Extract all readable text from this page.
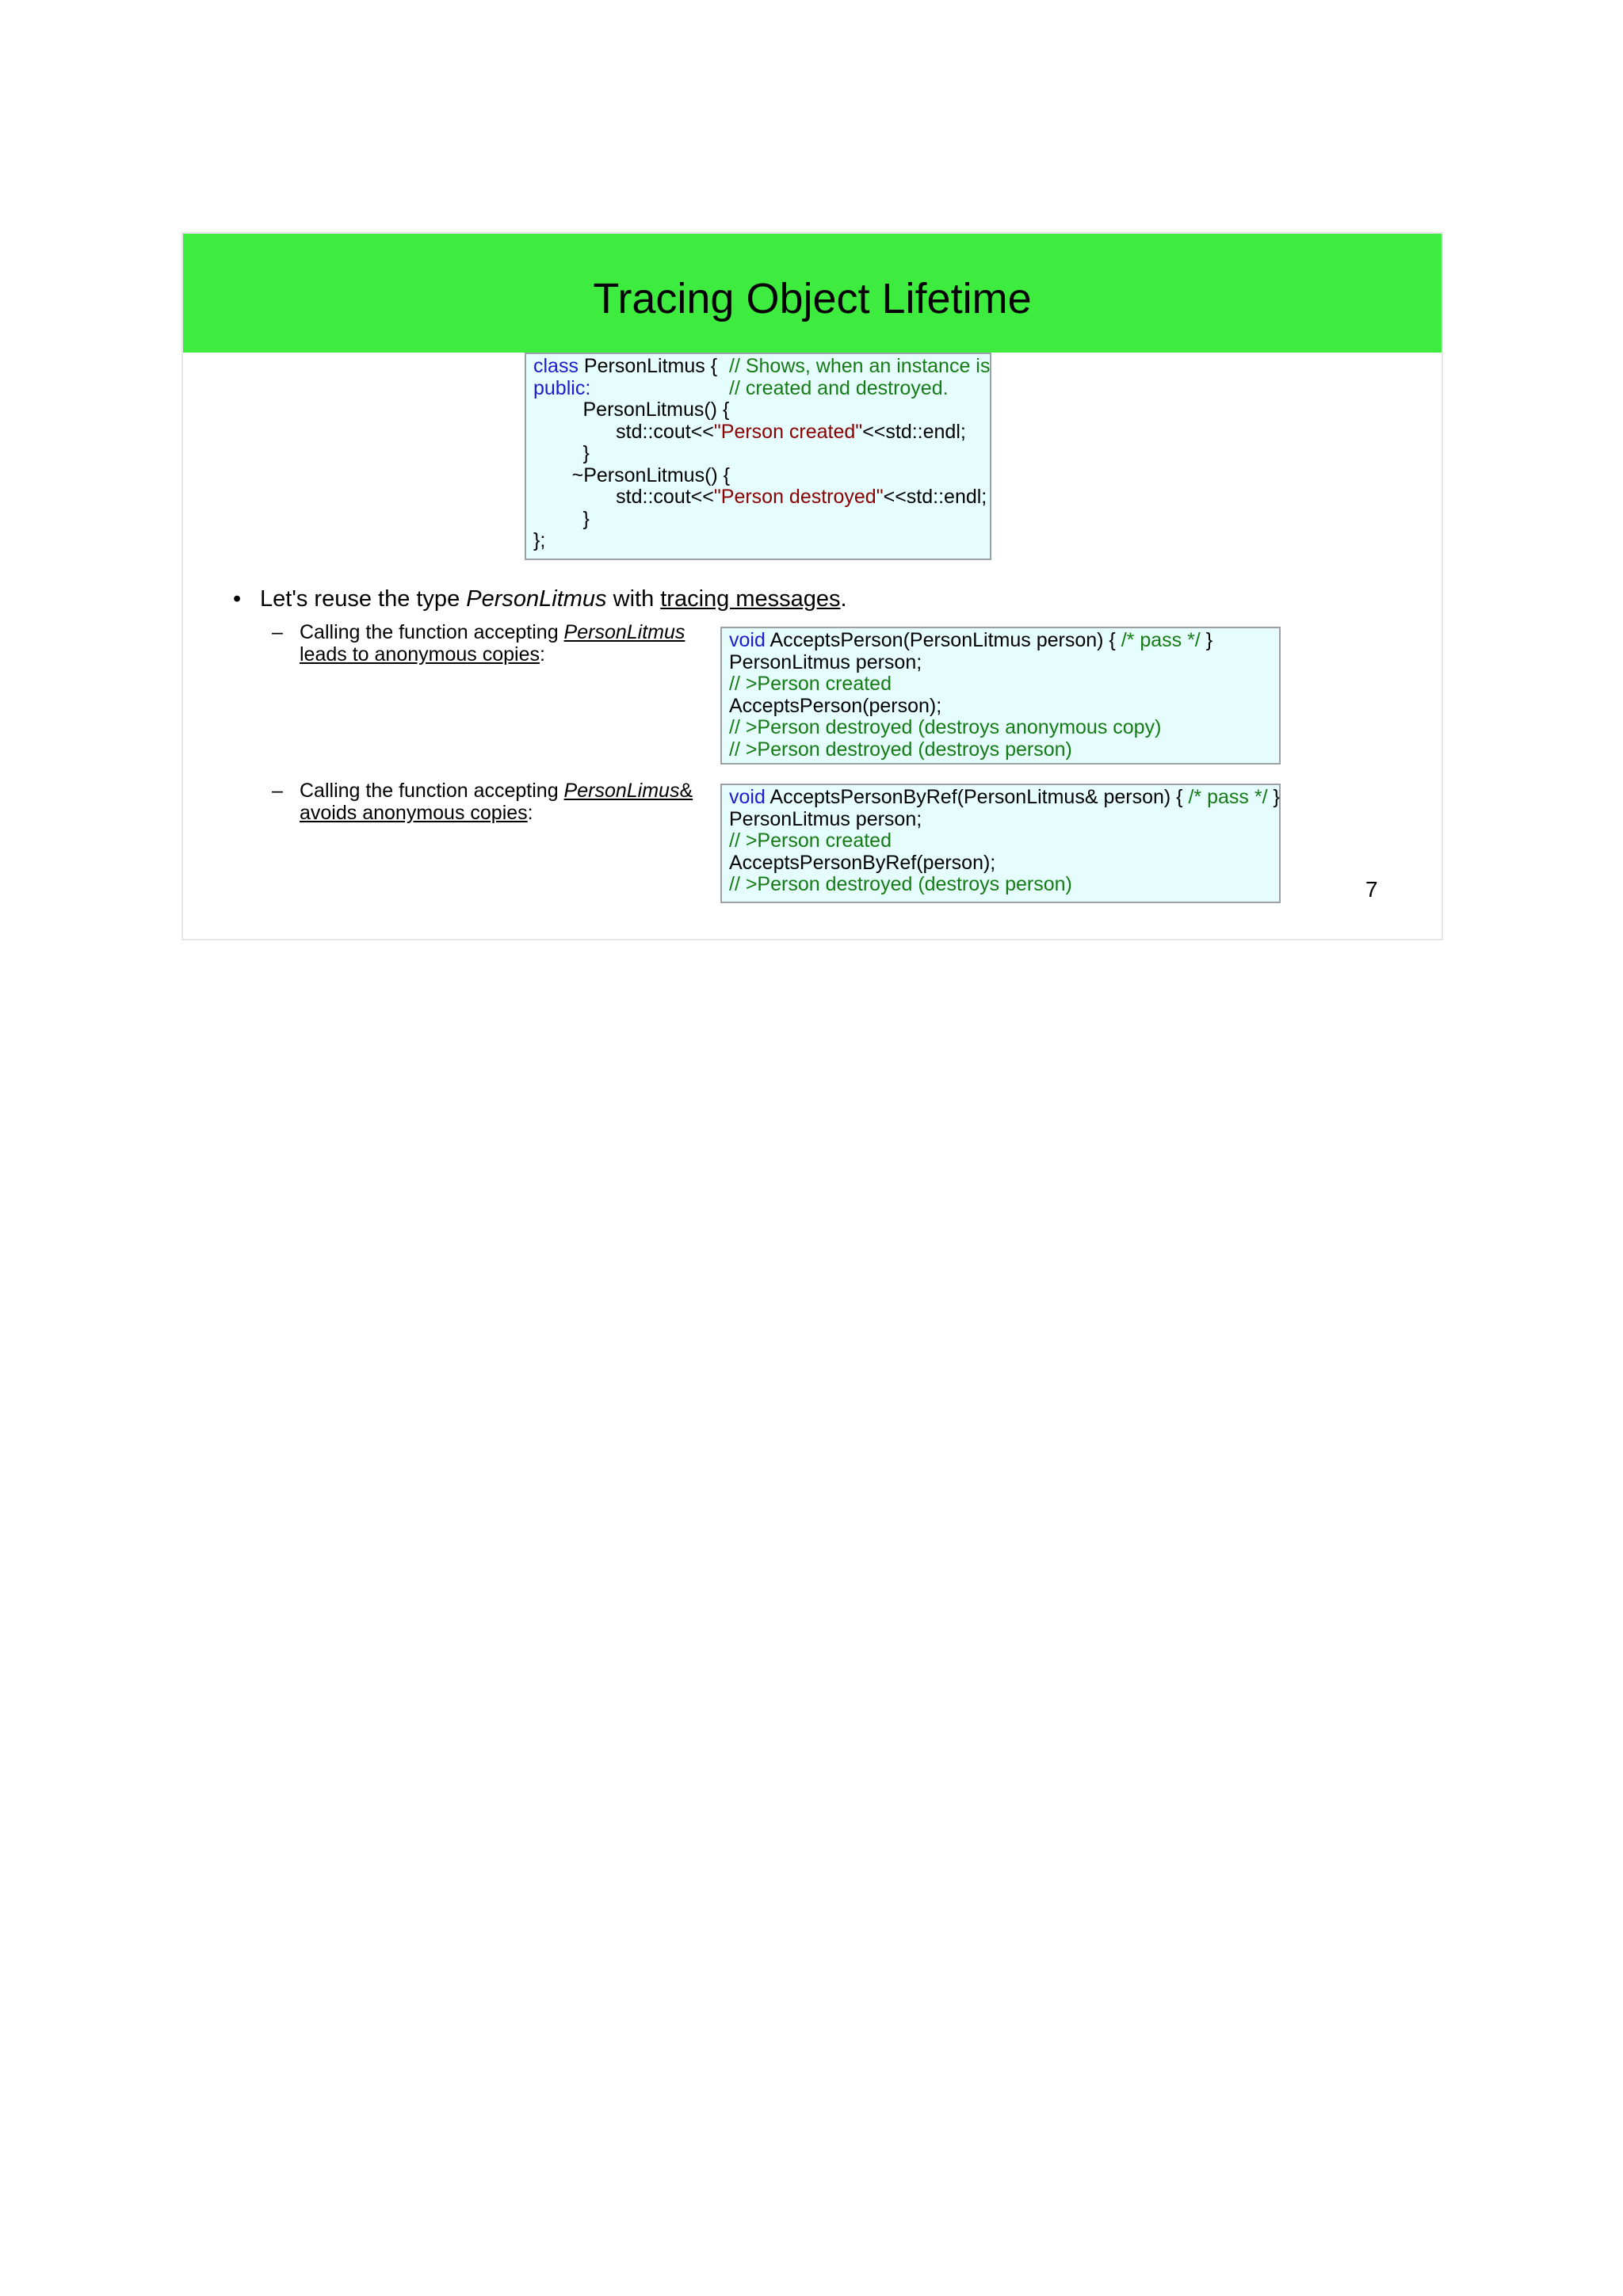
Tracing Object Lifetime
class PersonLitmus {
public:
PersonLitmus() {
std::cout<<"Person created"<<std::endl;
}
~PersonLitmus() {
std::cout<<"Person destroyed"<<std::endl;
}
};
// Shows, when an instance is
// created and destroyed.
• Let's reuse the type PersonLitmus with tracing messages.
– Calling the function accepting PersonLitmus
leads to anonymous copies:
void AcceptsPerson(PersonLitmus person) { /* pass */ }
PersonLitmus person;
// >Person created
AcceptsPerson(person);
// >Person destroyed (destroys anonymous copy)
// >Person destroyed (destroys person)
– Calling the function accepting PersonLimus&
avoids anonymous copies:
void AcceptsPersonByRef(PersonLitmus& person) { /* pass */ }
PersonLitmus person;
// >Person created
AcceptsPersonByRef(person);
// >Person destroyed (destroys person)	7
